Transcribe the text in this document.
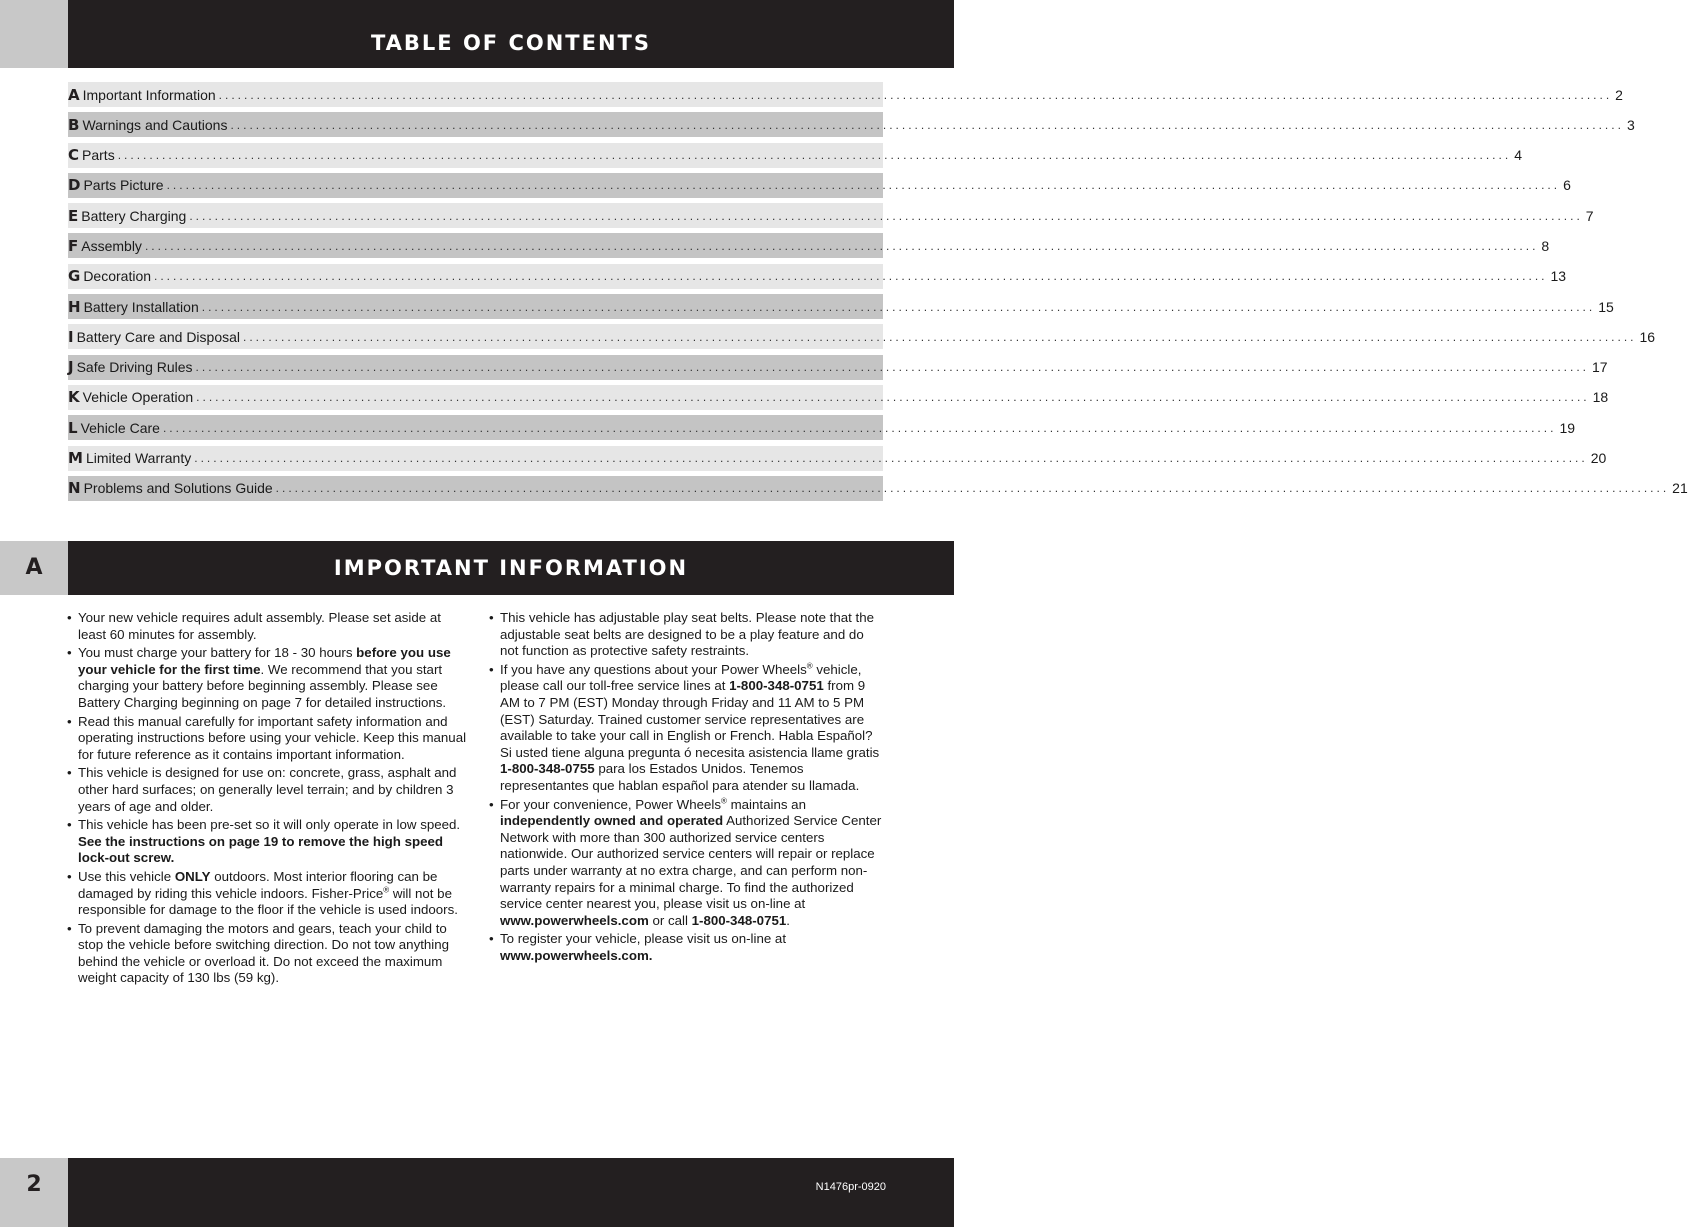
TABLE OF CONTENTS
A Important Information ............................................................................................................................................................................................................................ 2
B Warnings and Cautions ............................................................................................................................................................................................................................ 3
C Parts ............................................................................................................................................................................................................................ 4
D Parts Picture ............................................................................................................................................................................................................................ 6
E Battery Charging ............................................................................................................................................................................................................................ 7
F Assembly ............................................................................................................................................................................................................................ 8
G Decoration ............................................................................................................................................................................................................................ 13
H Battery Installation ............................................................................................................................................................................................................................ 15
I Battery Care and Disposal ............................................................................................................................................................................................................................ 16
J Safe Driving Rules ............................................................................................................................................................................................................................ 17
K Vehicle Operation ............................................................................................................................................................................................................................ 18
L Vehicle Care ............................................................................................................................................................................................................................ 19
M Limited Warranty ............................................................................................................................................................................................................................ 20
N Problems and Solutions Guide ............................................................................................................................................................................................................................ 21
A	IMPORTANT INFORMATION
• Your new vehicle requires adult assembly. Please set aside at least 60 minutes for assembly.
• You must charge your battery for 18 - 30 hours before you use your vehicle for the first time. We recommend that you start charging your battery before beginning assembly. Please see Battery Charging beginning on page 7 for detailed instructions.
• Read this manual carefully for important safety information and operating instructions before using your vehicle. Keep this manual for future reference as it contains important information.
• This vehicle is designed for use on: concrete, grass, asphalt and other hard surfaces; on generally level terrain; and by children 3 years of age and older.
• This vehicle has been pre-set so it will only operate in low speed. See the instructions on page 19 to remove the high speed lock-out screw.
• Use this vehicle ONLY outdoors. Most interior flooring can be damaged by riding this vehicle indoors. Fisher-Price® will not be responsible for damage to the floor if the vehicle is used indoors.
• To prevent damaging the motors and gears, teach your child to stop the vehicle before switching direction. Do not tow anything behind the vehicle or overload it. Do not exceed the maximum weight capacity of 130 lbs (59 kg).
• This vehicle has adjustable play seat belts. Please note that the adjustable seat belts are designed to be a play feature and do not function as protective safety restraints.
• If you have any questions about your Power Wheels® vehicle, please call our toll-free service lines at 1-800-348-0751 from 9 AM to 7 PM (EST) Monday through Friday and 11 AM to 5 PM (EST) Saturday. Trained customer service representatives are available to take your call in English or French. Habla Español? Si usted tiene alguna pregunta ó necesita asistencia llame gratis 1-800-348-0755 para los Estados Unidos. Tenemos representantes que hablan español para atender su llamada.
• For your convenience, Power Wheels® maintains an independently owned and operated Authorized Service Center Network with more than 300 authorized service centers nationwide. Our authorized service centers will repair or replace parts under warranty at no extra charge, and can perform non-warranty repairs for a minimal charge. To find the authorized service center nearest you, please visit us on-line at www.powerwheels.com or call 1-800-348-0751.
• To register your vehicle, please visit us on-line at www.powerwheels.com.
2	N1476pr-0920
